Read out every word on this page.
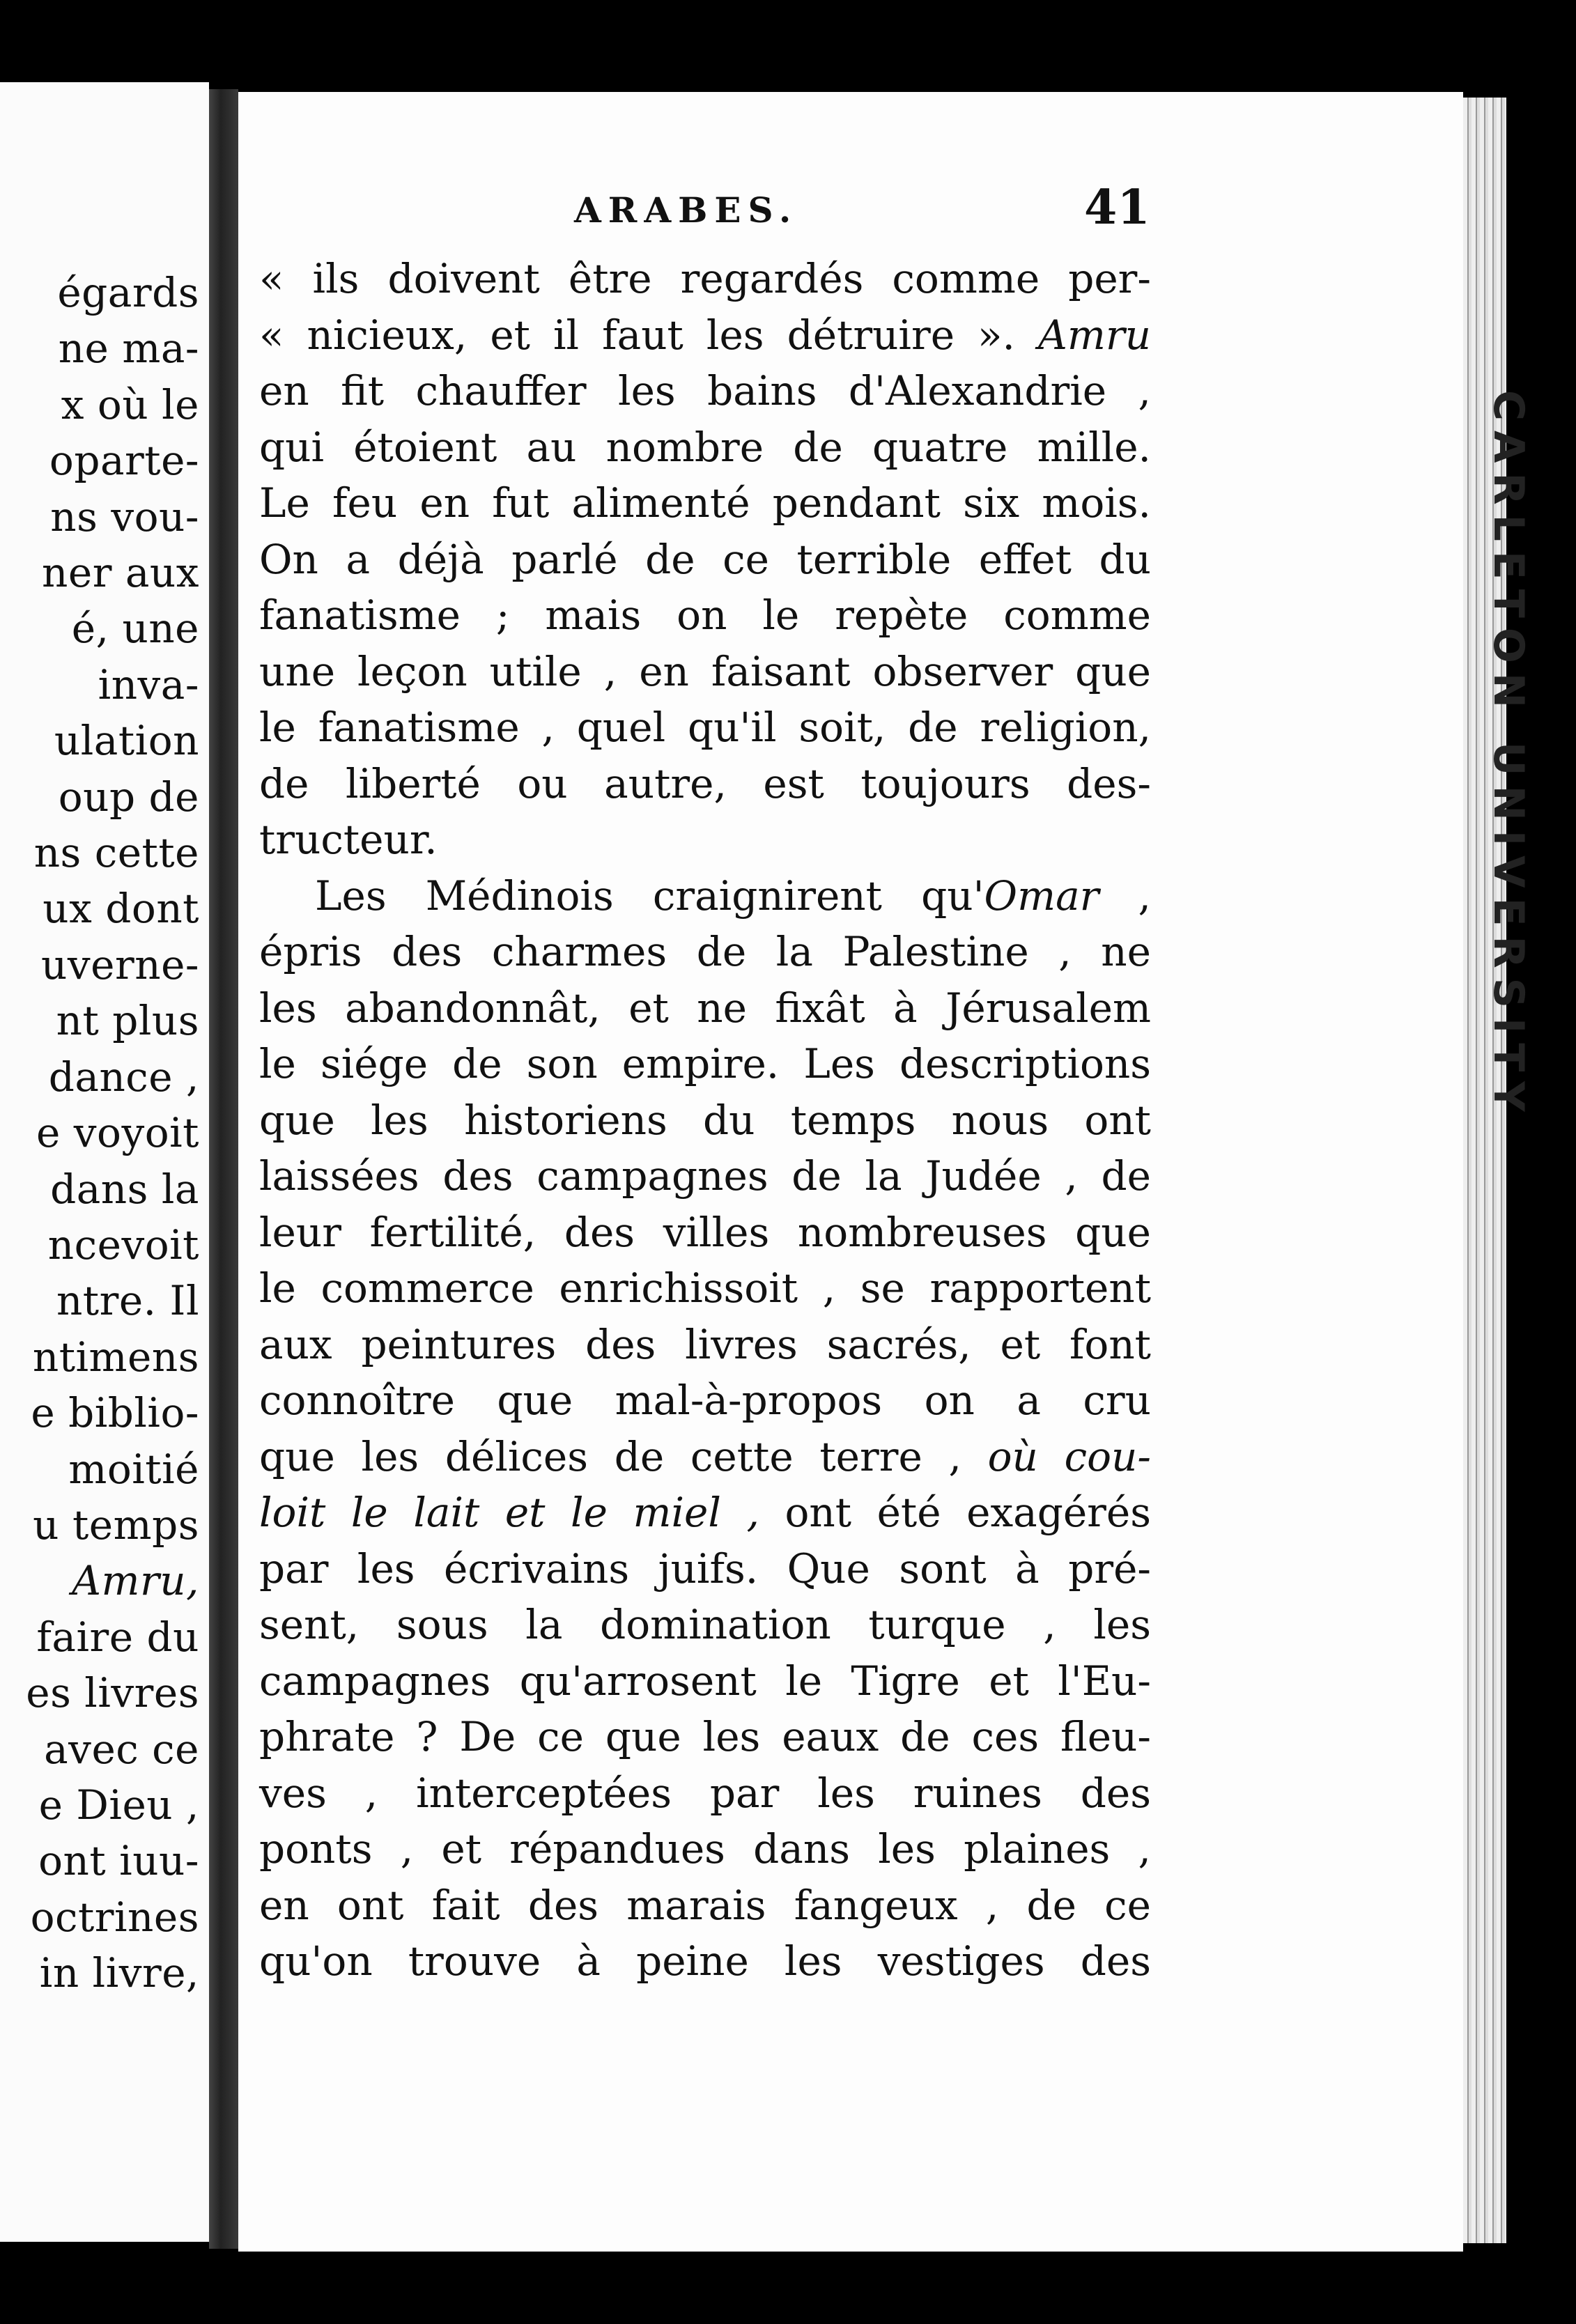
égards
ne ma-
x où le
oparte-
ns vou-
ner aux
é, une
inva-
ulation
oup de
ns cette
ux dont
uverne-
nt plus
dance ,
e voyoit
dans la
ncevoit
ntre. Il
ntimens
e biblio-
moitié
u temps
Amru,
faire du
es livres
avec ce
e Dieu ,
ont iuu-
octrines
in livre,
ARABES.	41
« ils doivent être regardés comme per-
« nicieux, et il faut les détruire ». Amru
en fit chauffer les bains d'Alexandrie ,
qui étoient au nombre de quatre mille.
Le feu en fut alimenté pendant six mois.
On a déjà parlé de ce terrible effet du
fanatisme ; mais on le repète comme
une leçon utile , en faisant observer que
le fanatisme , quel qu'il soit, de religion,
de liberté ou autre, est toujours des-
tructeur.
Les Médinois craignirent qu'Omar ,
épris des charmes de la Palestine , ne
les abandonnât, et ne fixât à Jérusalem
le siége de son empire. Les descriptions
que les historiens du temps nous ont
laissées des campagnes de la Judée , de
leur fertilité, des villes nombreuses que
le commerce enrichissoit , se rapportent
aux peintures des livres sacrés, et font
connoître que mal-à-propos on a cru
que les délices de cette terre , où cou-
loit le lait et le miel , ont été exagérés
par les écrivains juifs. Que sont à pré-
sent, sous la domination turque , les
campagnes qu'arrosent le Tigre et l'Eu-
phrate ? De ce que les eaux de ces fleu-
ves , interceptées par les ruines des
ponts , et répandues dans les plaines ,
en ont fait des marais fangeux , de ce
qu'on trouve à peine les vestiges des
CARLETON UNIVERSITY
